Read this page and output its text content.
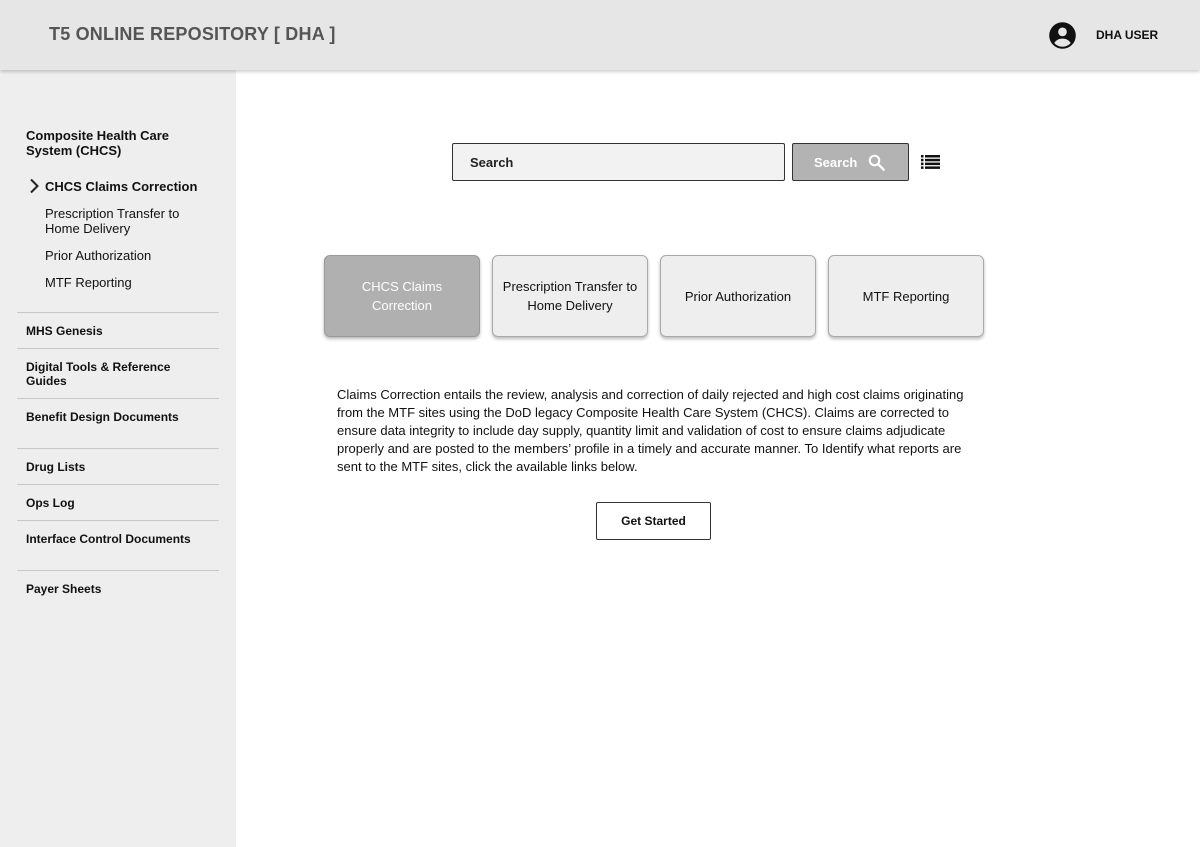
T5 ONLINE REPOSITORY [ DHA ]	DHA USER
Composite Health Care System (CHCS)
CHCS Claims Correction
Prescription Transfer to Home Delivery
Prior Authorization
MTF Reporting
MHS Genesis
Digital Tools & Reference Guides
Benefit Design Documents
Drug Lists
Ops Log
Interface Control Documents
Payer Sheets
Search
Search
CHCS Claims Correction
Prescription Transfer to Home Delivery
Prior Authorization	MTF Reporting
Claims Correction entails the review, analysis and correction of daily rejected and high cost claims originating from the MTF sites using the DoD legacy Composite Health Care System (CHCS). Claims are corrected to ensure data integrity to include day supply, quantity limit and validation of cost to ensure claims adjudicate properly and are posted to the members’ profile in a timely and accurate manner. To Identify what reports are sent to the MTF sites, click the available links below.
Get Started
